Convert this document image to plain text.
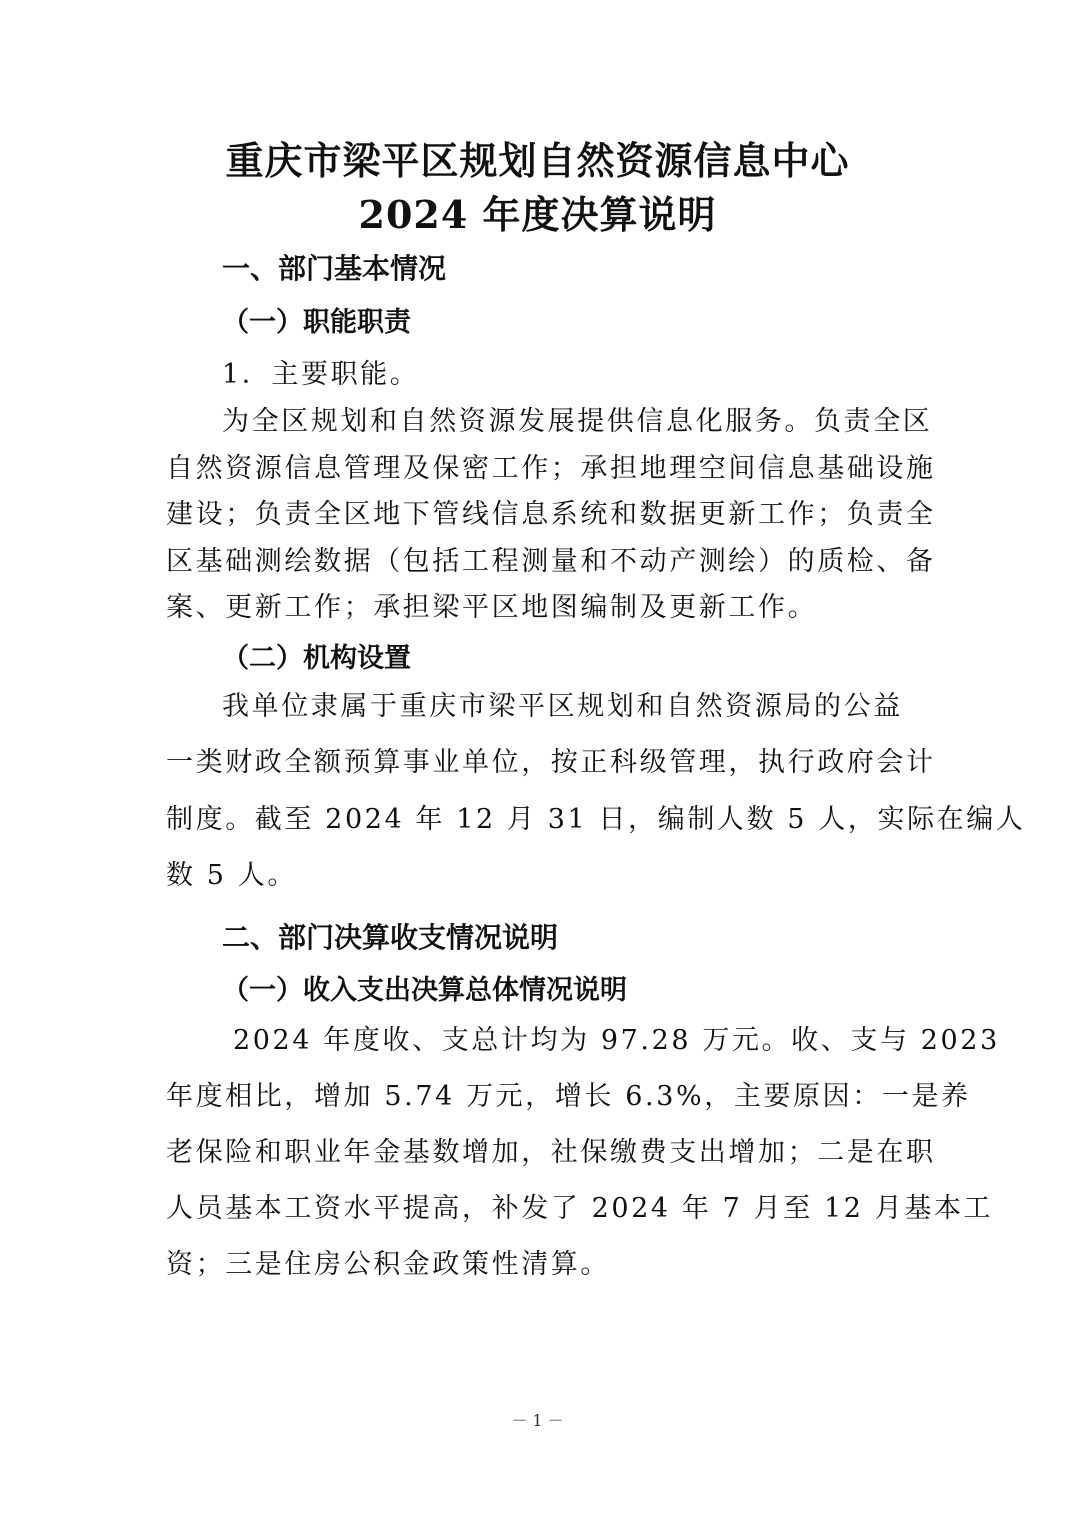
重庆市梁平区规划自然资源信息中心
2024 年度决算说明
一、部门基本情况
（一）职能职责
1．主要职能。
为全区规划和自然资源发展提供信息化服务。负责全区
自然资源信息管理及保密工作；承担地理空间信息基础设施
建设；负责全区地下管线信息系统和数据更新工作；负责全
区基础测绘数据（包括工程测量和不动产测绘）的质检、备
案、更新工作；承担梁平区地图编制及更新工作。
（二）机构设置
我单位隶属于重庆市梁平区规划和自然资源局的公益
一类财政全额预算事业单位，按正科级管理，执行政府会计
制度。截至 2024 年 12 月 31 日，编制人数 5 人，实际在编人
数 5 人。
二、部门决算收支情况说明
（一）收入支出决算总体情况说明
2024 年度收、支总计均为 97.28 万元。收、支与 2023
年度相比，增加 5.74 万元，增长 6.3%，主要原因：一是养
老保险和职业年金基数增加，社保缴费支出增加；二是在职
人员基本工资水平提高，补发了 2024 年 7 月至 12 月基本工
资；三是住房公积金政策性清算。
－ 1 －
